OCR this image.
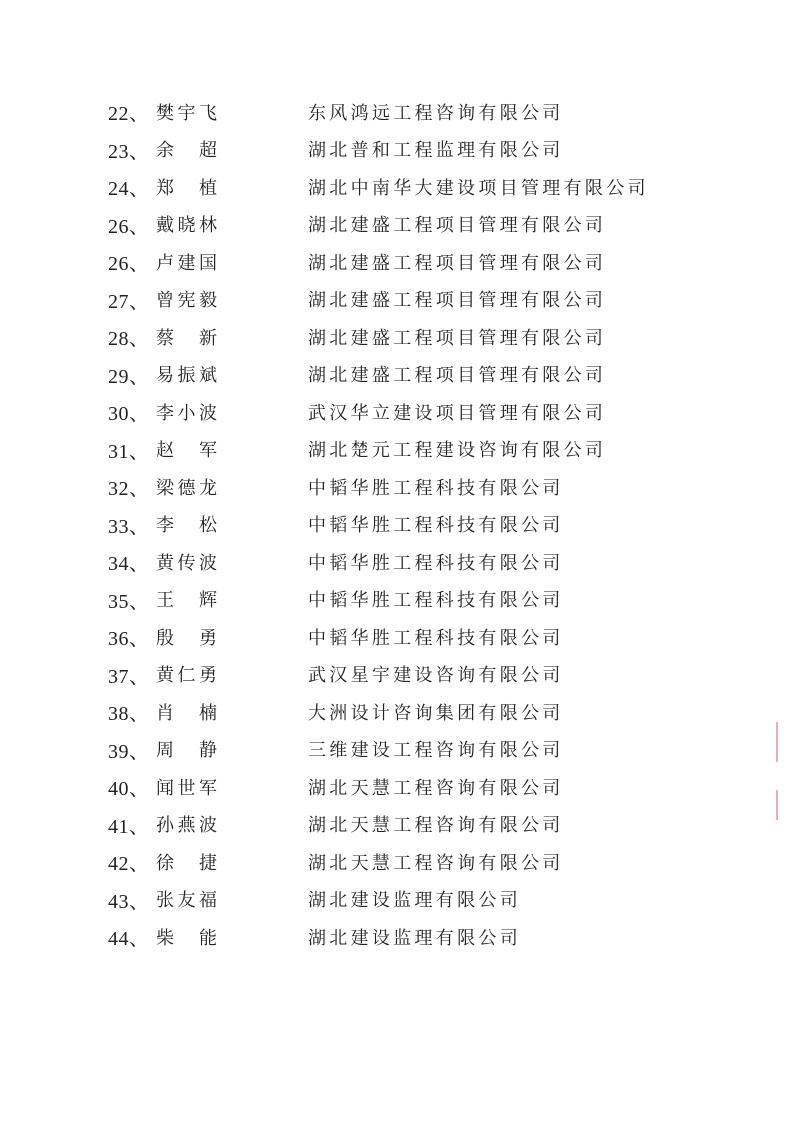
22、 樊 宇 飞	东风鸿远工程咨询有限公司
23、 余 超	湖北普和工程监理有限公司
24、 郑 植	湖北中南华大建设项目管理有限公司
26、 戴 晓 林	湖北建盛工程项目管理有限公司
26、 卢 建 国	湖北建盛工程项目管理有限公司
27、 曾 宪 毅	湖北建盛工程项目管理有限公司
28、 蔡 新	湖北建盛工程项目管理有限公司
29、 易 振 斌	湖北建盛工程项目管理有限公司
30、 李 小 波	武汉华立建设项目管理有限公司
31、 赵 军	湖北楚元工程建设咨询有限公司
32、 梁 德 龙	中韬华胜工程科技有限公司
33、 李 松	中韬华胜工程科技有限公司
34、 黄 传 波	中韬华胜工程科技有限公司
35、 王 辉	中韬华胜工程科技有限公司
36、 殷 勇	中韬华胜工程科技有限公司
37、 黄 仁 勇	武汉星宇建设咨询有限公司
38、 肖 楠	大洲设计咨询集团有限公司
39、 周 静	三维建设工程咨询有限公司
40、 闻 世 军	湖北天慧工程咨询有限公司
41、 孙 燕 波	湖北天慧工程咨询有限公司
42、 徐 捷	湖北天慧工程咨询有限公司
43、 张 友 福	湖北建设监理有限公司
44、 柴 能	湖北建设监理有限公司
